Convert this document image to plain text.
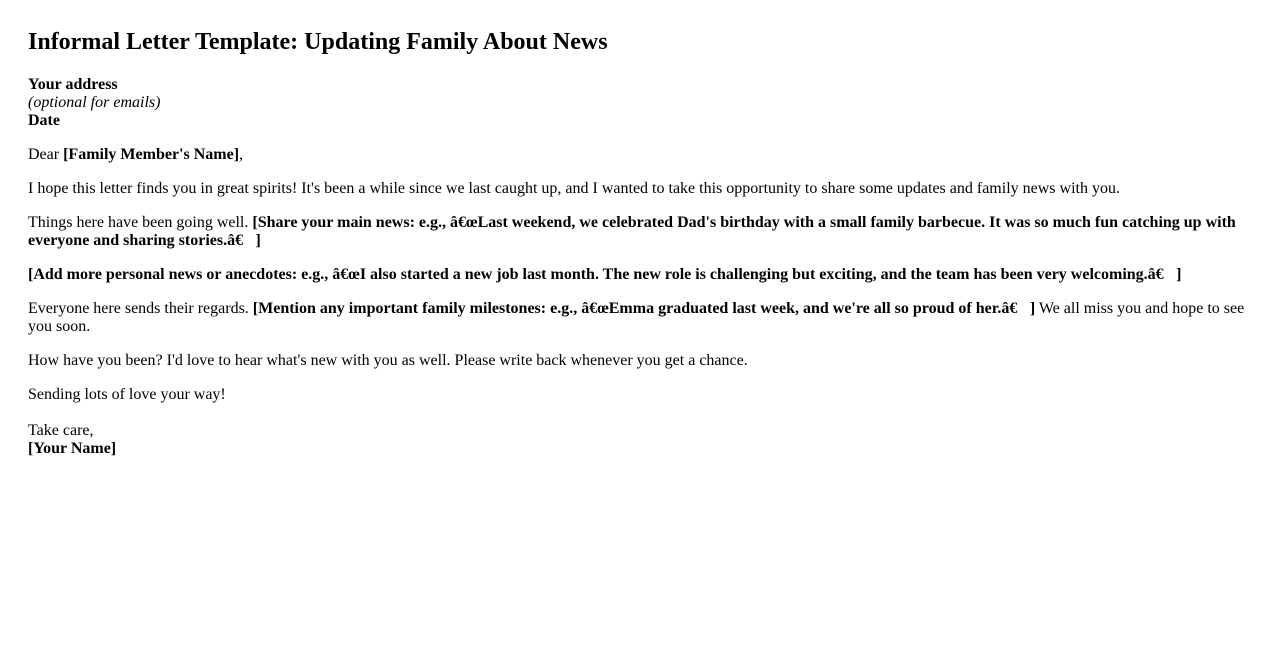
Informal Letter Template: Updating Family About News
Your address
(optional for emails)
Date

Dear [Family Member's Name],

I hope this letter finds you in great spirits! It's been a while since we last caught up, and I wanted to take this opportunity to share some updates and family news with you.

Things here have been going well. [Share your main news: e.g., â€œLast weekend, we celebrated Dad's birthday with a small family barbecue. It was so much fun catching up with everyone and sharing stories.â€ ]

[Add more personal news or anecdotes: e.g., â€œI also started a new job last month. The new role is challenging but exciting, and the team has been very welcoming.â€ ]

Everyone here sends their regards. [Mention any important family milestones: e.g., â€œEmma graduated last week, and we're all so proud of her.â€ ] We all miss you and hope to see you soon.

How have you been? I'd love to hear what's new with you as well. Please write back whenever you get a chance.

Sending lots of love your way!

Take care,
[Your Name]
